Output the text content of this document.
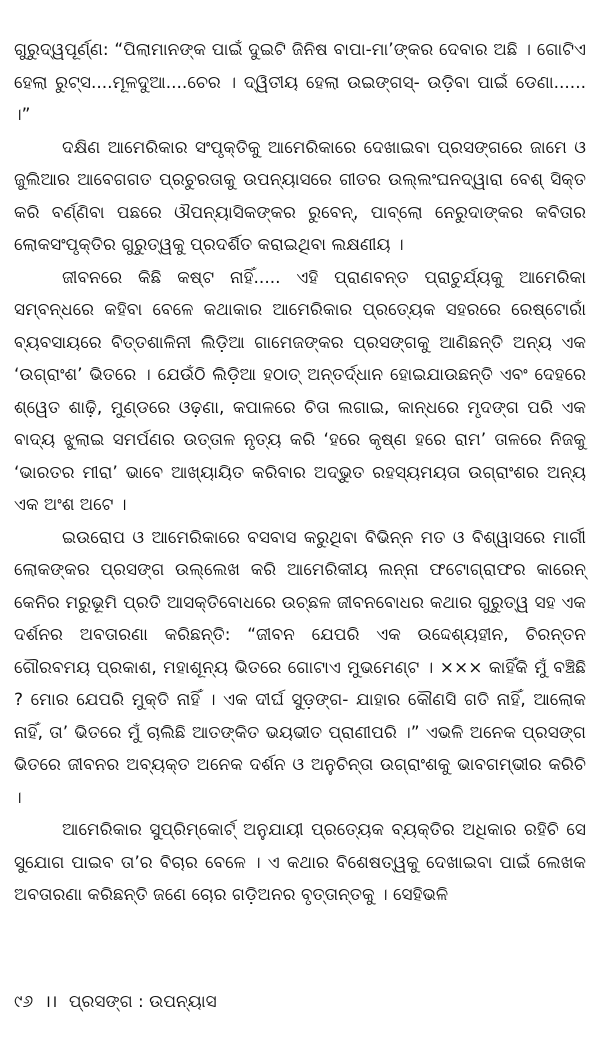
ଗୁରୁଦ୍ୱପୂର୍ଣ୍ଣ: “ପିଲାମାନଙ୍କ ପାଇଁ ଦୁଇଟି ଜିନିଷ ବାପା-ମା’ଙ୍କର ଦେବାର ଅଛି । ଗୋଟିଏ ହେଲା ରୁଟ୍ସ....ମୂଳଦୁଆ....ଚେର । ଦ୍ୱିତୀୟ ହେଲା ଉଇଙ୍ଗସ୍- ଉଡ଼ିବା ପାଇଁ ଡେଣା...... ।”

ଦକ୍ଷିଣ ଆମେରିକାର ସଂପୃକ୍ତିକୁ ଆମେରିକାରେ ଦେଖାଇବା ପ୍ରସଙ୍ଗରେ ଜାମେ ଓ ଜୁଲିଆର ଆବେଗଗତ ପ୍ରଚୁରତାକୁ ଉପନ୍ୟାସରେ ଗୀତର ଉଲ୍ଲଂଘନଦ୍ୱାରା ବେଶ୍ ସିକ୍ତ କରି ବର୍ଣ୍ଣିବା ପଛରେ ଔପନ୍ୟାସିକଙ୍କର ରୁବେନ୍, ପାବ୍ଲୋ ନେରୁଦାଙ୍କର କବିତାର ଲୋକସଂପୃକ୍ତିର ଗୁରୁତ୍ୱକୁ ପ୍ରଦର୍ଶିତ କରାଇଥିବା ଲକ୍ଷଣୀୟ ।

ଜୀବନରେ କିଛି କଷ୍ଟ ନାହିଁ..... ଏହି ପ୍ରାଣବନ୍ତ ପ୍ରାଚୁର୍ଯ୍ୟକୁ ଆମେରିକା ସମ୍ବନ୍ଧରେ କହିବା ବେଳେ କଥାକାର ଆମେରିକାର ପ୍ରତ୍ୟେକ ସହରରେ ରେଷ୍ଟୋରାଁ ବ୍ୟବସାୟରେ ବିତ୍ତଶାଳିନୀ ଲିଡ଼ିଆ ଗାମେଜଙ୍କର ପ୍ରସଙ୍ଗକୁ ଆଣିଛନ୍ତି ଅନ୍ୟ ଏକ ‘ଉଗ୍ରାଂଶ’ ଭିତରେ । ଯେଉଁଠି ଲିଡ଼ିଆ ହଠାତ୍ ଅନ୍ତର୍ଦ୍ଧାନ ହୋଇଯାଉଛନ୍ତି ଏବଂ ଦେହରେ ଶ୍ୱେତ ଶାଢ଼ି, ମୁଣ୍ଡରେ ଓଢ଼ଣା, କପାଳରେ ଚିତା ଲଗାଇ, କାନ୍ଧରେ ମୃଦଙ୍ଗ ପରି ଏକ ବାଦ୍ୟ ଝୁଲାଇ ସମର୍ପଣର ଉତ୍ତାଳ ନୃତ୍ୟ କରି ‘ହରେ କୃଷ୍ଣ ହରେ ରାମ’ ତାଳରେ ନିଜକୁ ‘ଭାରତର ମୀରା’ ଭାବେ ଆଖ୍ୟାୟିତ କରିବାର ଅଦ୍ଭୁତ ରହସ୍ୟମୟତା ଉଗ୍ରାଂଶର ଅନ୍ୟ ଏକ ଅଂଶ ଅଟେ ।

ଇଉରୋପ ଓ ଆମେରିକାରେ ବସବାସ କରୁଥିବା ବିଭିନ୍ନ ମତ ଓ ବିଶ୍ୱାସରେ ମାର୍ଗୀ ଲୋକଙ୍କର ପ୍ରସଙ୍ଗ ଉଲ୍ଲେଖ କରି ଆମେରିକୀୟ ଲନ୍ନା ଫଟୋଗ୍ରାଫର କାରେନ୍ କେନିର ମରୁଭୂମି ପ୍ରତି ଆସକ୍ତିବୋଧରେ ଉଚ୍ଛଳ ଜୀବନବୋଧର କଥାର ଗୁରୁତ୍ୱ ସହ ଏକ ଦର୍ଶନର ଅବତାରଣା କରିଛନ୍ତି: “ଜୀବନ ଯେପରି ଏକ ଉଦ୍ଦେଶ୍ୟହୀନ, ଚିରନ୍ତନ ଗୌରବମୟ ପ୍ରକାଶ, ମହାଶୂନ୍ୟ ଭିତରେ ଗୋଟାଏ ମୁଭମେଣ୍ଟ । ××× କାହିଁକି ମୁଁ ବଞ୍ଚିଛି ? ମୋର ଯେପରି ମୁକ୍ତି ନାହିଁ । ଏକ ଦୀର୍ଘ ସୁଡ଼ଙ୍ଗ- ଯାହାର କୌଣସି ଗତି ନାହିଁ, ଆଲୋକ ନାହିଁ, ତା’ ଭିତରେ ମୁଁ ଚାଲିଛି ଆତଙ୍କିତ ଭୟଭୀତ ପ୍ରାଣୀପରି ।” ଏଭଳି ଅନେକ ପ୍ରସଙ୍ଗ ଭିତରେ ଜୀବନର ଅବ୍ୟକ୍ତ ଅନେକ ଦର୍ଶନ ଓ ଅନୁଚିନ୍ତା ଉଗ୍ରାଂଶକୁ ଭାବଗମ୍ଭୀର କରିଚି ।

ଆମେରିକାର ସୁପ୍ରିମ୍‌କୋର୍ଟ୍ ଅନୁଯାୟୀ ପ୍ରତ୍ୟେକ ବ୍ୟକ୍ତିର ଅଧିକାର ରହିଚି ସେ ସୁଯୋଗ ପାଇବ ତା’ର ବିଚାର ବେଳେ । ଏ କଥାର ବିଶେଷତ୍ୱକୁ ଦେଖାଇବା ପାଇଁ ଲେଖକ ଅବତାରଣା କରିଛନ୍ତି ଜଣେ ଚୋର ଗଡ଼ିଅନର ବୃତ୍ତାନ୍ତକୁ । ସେହିଭଳି

୯୬ ।। ପ୍ରସଙ୍ଗ : ଉପନ୍ୟାସ
